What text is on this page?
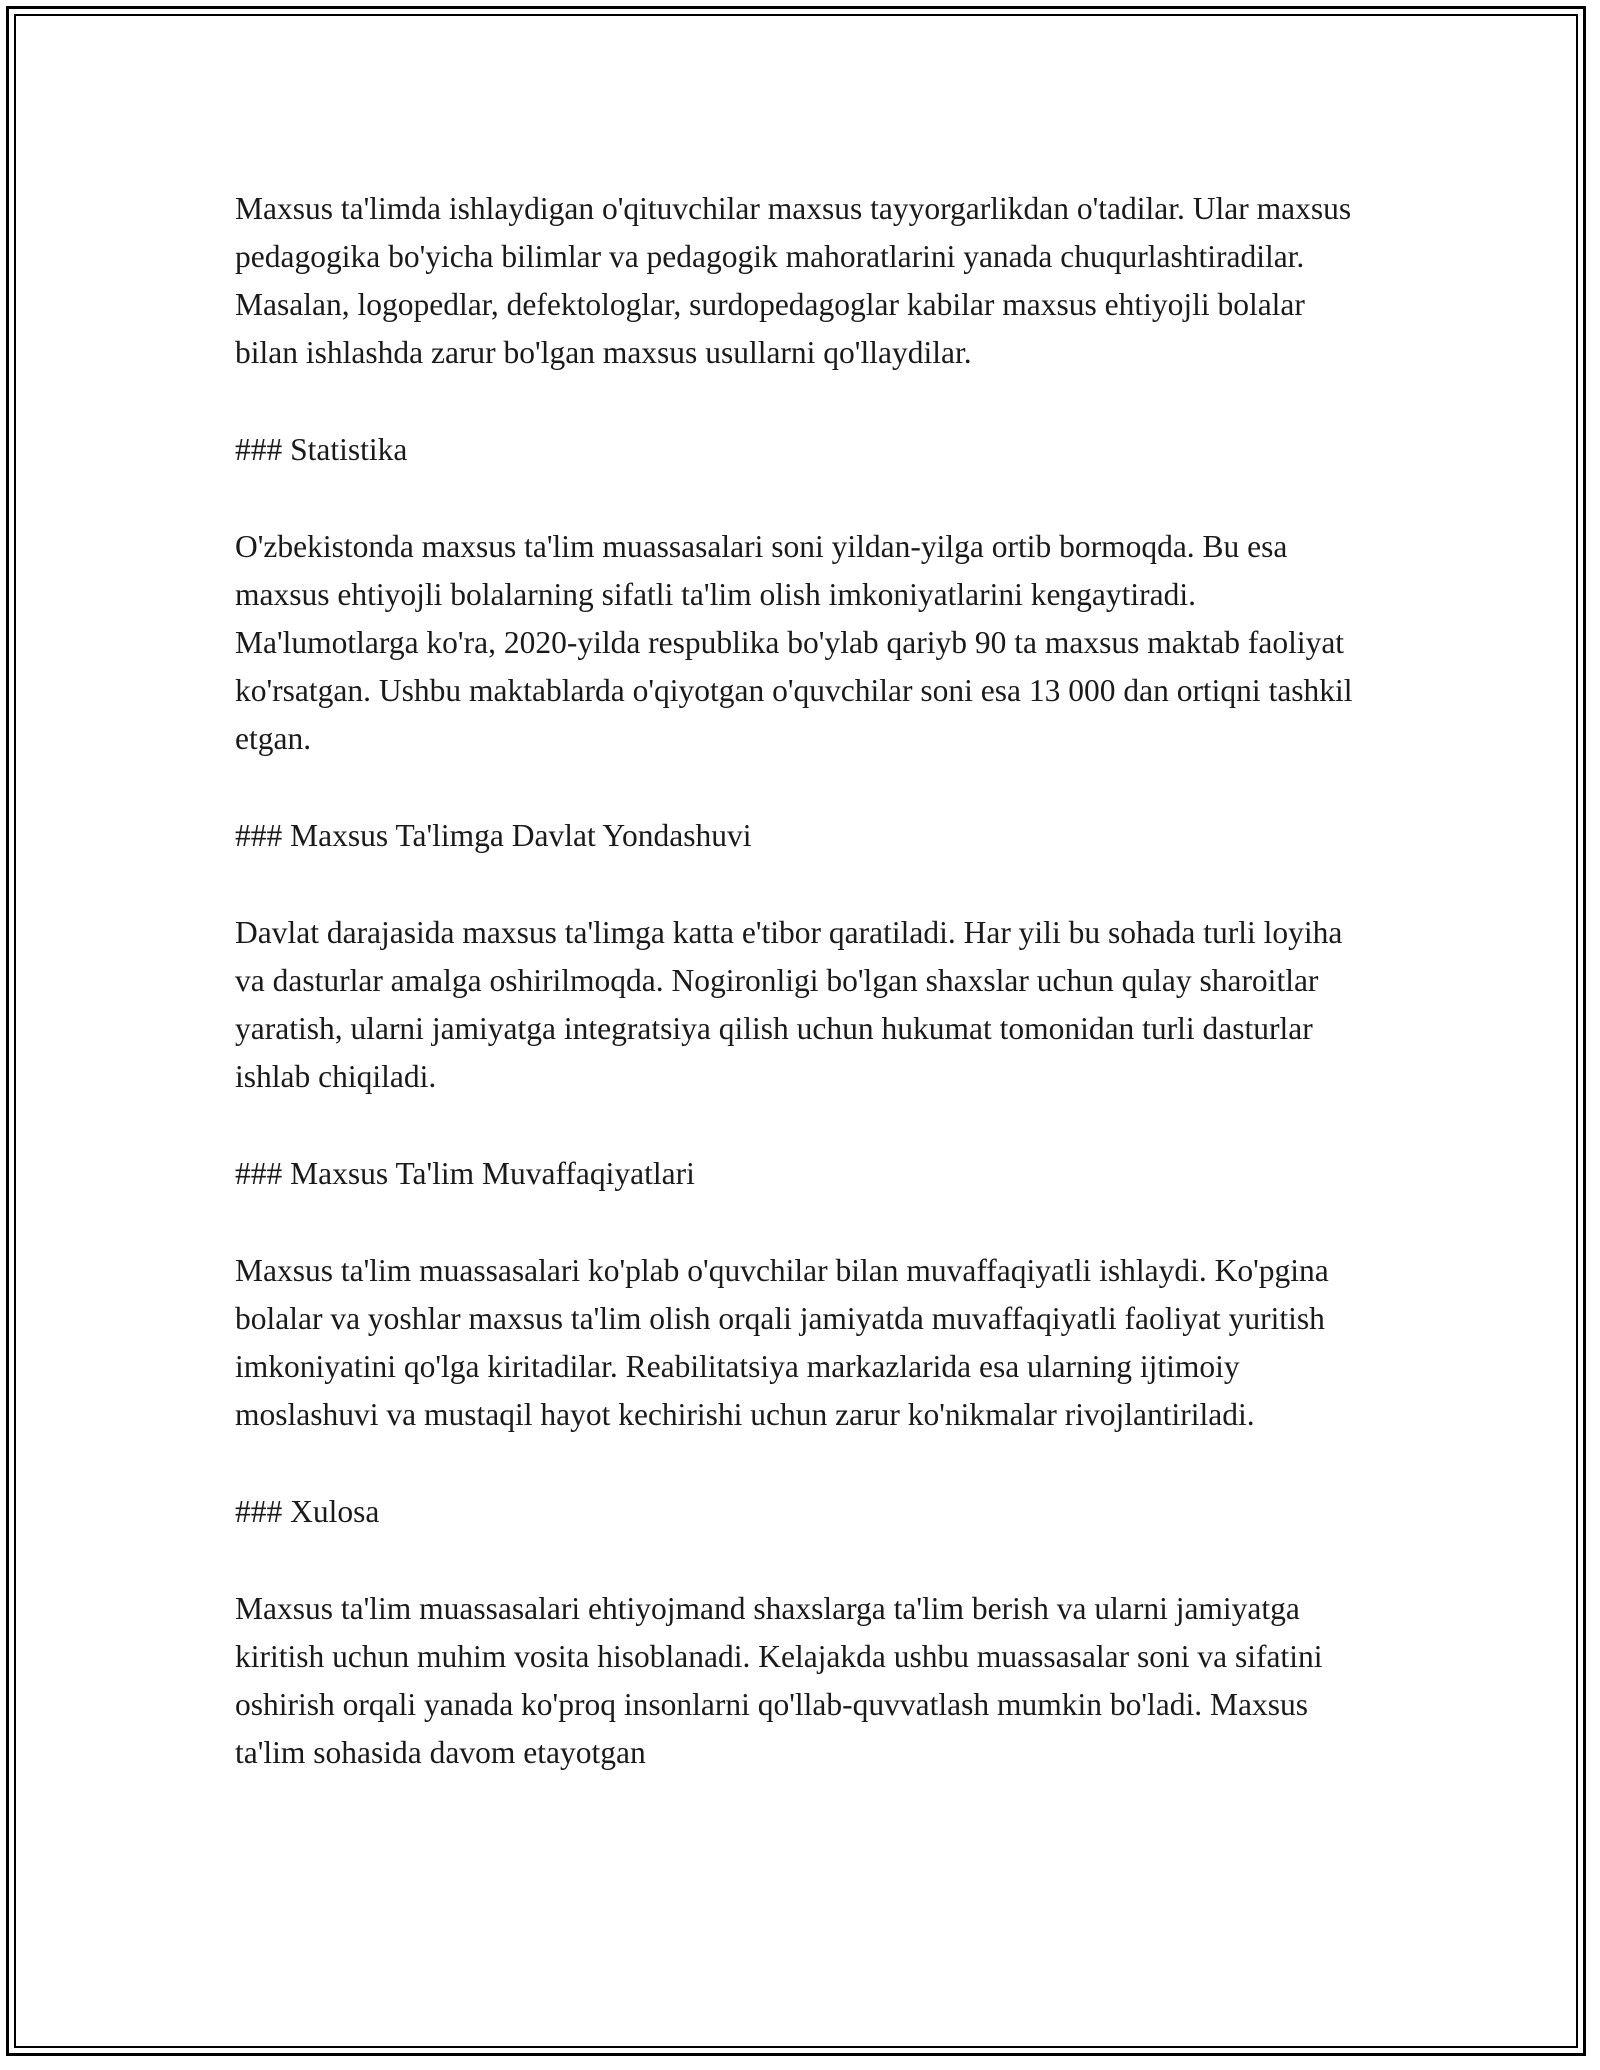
Maxsus ta'limda ishlaydigan o'qituvchilar maxsus tayyorgarlikdan o'tadilar. Ular maxsus pedagogika bo'yicha bilimlar va pedagogik mahoratlarini yanada chuqurlashtiradilar. Masalan, logopedlar, defektologlar, surdopedagoglar kabilar maxsus ehtiyojli bolalar bilan ishlashda zarur bo'lgan maxsus usullarni qo'llaydilar.

### Statistika

O'zbekistonda maxsus ta'lim muassasalari soni yildan-yilga ortib bormoqda. Bu esa maxsus ehtiyojli bolalarning sifatli ta'lim olish imkoniyatlarini kengaytiradi. Ma'lumotlarga ko'ra, 2020-yilda respublika bo'ylab qariyb 90 ta maxsus maktab faoliyat ko'rsatgan. Ushbu maktablarda o'qiyotgan o'quvchilar soni esa 13 000 dan ortiqni tashkil etgan.

### Maxsus Ta'limga Davlat Yondashuvi

Davlat darajasida maxsus ta'limga katta e'tibor qaratiladi. Har yili bu sohada turli loyiha va dasturlar amalga oshirilmoqda. Nogironligi bo'lgan shaxslar uchun qulay sharoitlar yaratish, ularni jamiyatga integratsiya qilish uchun hukumat tomonidan turli dasturlar ishlab chiqiladi.

### Maxsus Ta'lim Muvaffaqiyatlari

Maxsus ta'lim muassasalari ko'plab o'quvchilar bilan muvaffaqiyatli ishlaydi. Ko'pgina bolalar va yoshlar maxsus ta'lim olish orqali jamiyatda muvaffaqiyatli faoliyat yuritish imkoniyatini qo'lga kiritadilar. Reabilitatsiya markazlarida esa ularning ijtimoiy moslashuvi va mustaqil hayot kechirishi uchun zarur ko'nikmalar rivojlantiriladi.

### Xulosa

Maxsus ta'lim muassasalari ehtiyojmand shaxslarga ta'lim berish va ularni jamiyatga kiritish uchun muhim vosita hisoblanadi. Kelajakda ushbu muassasalar soni va sifatini oshirish orqali yanada ko'proq insonlarni qo'llab-quvvatlash mumkin bo'ladi. Maxsus ta'lim sohasida davom etayotgan
